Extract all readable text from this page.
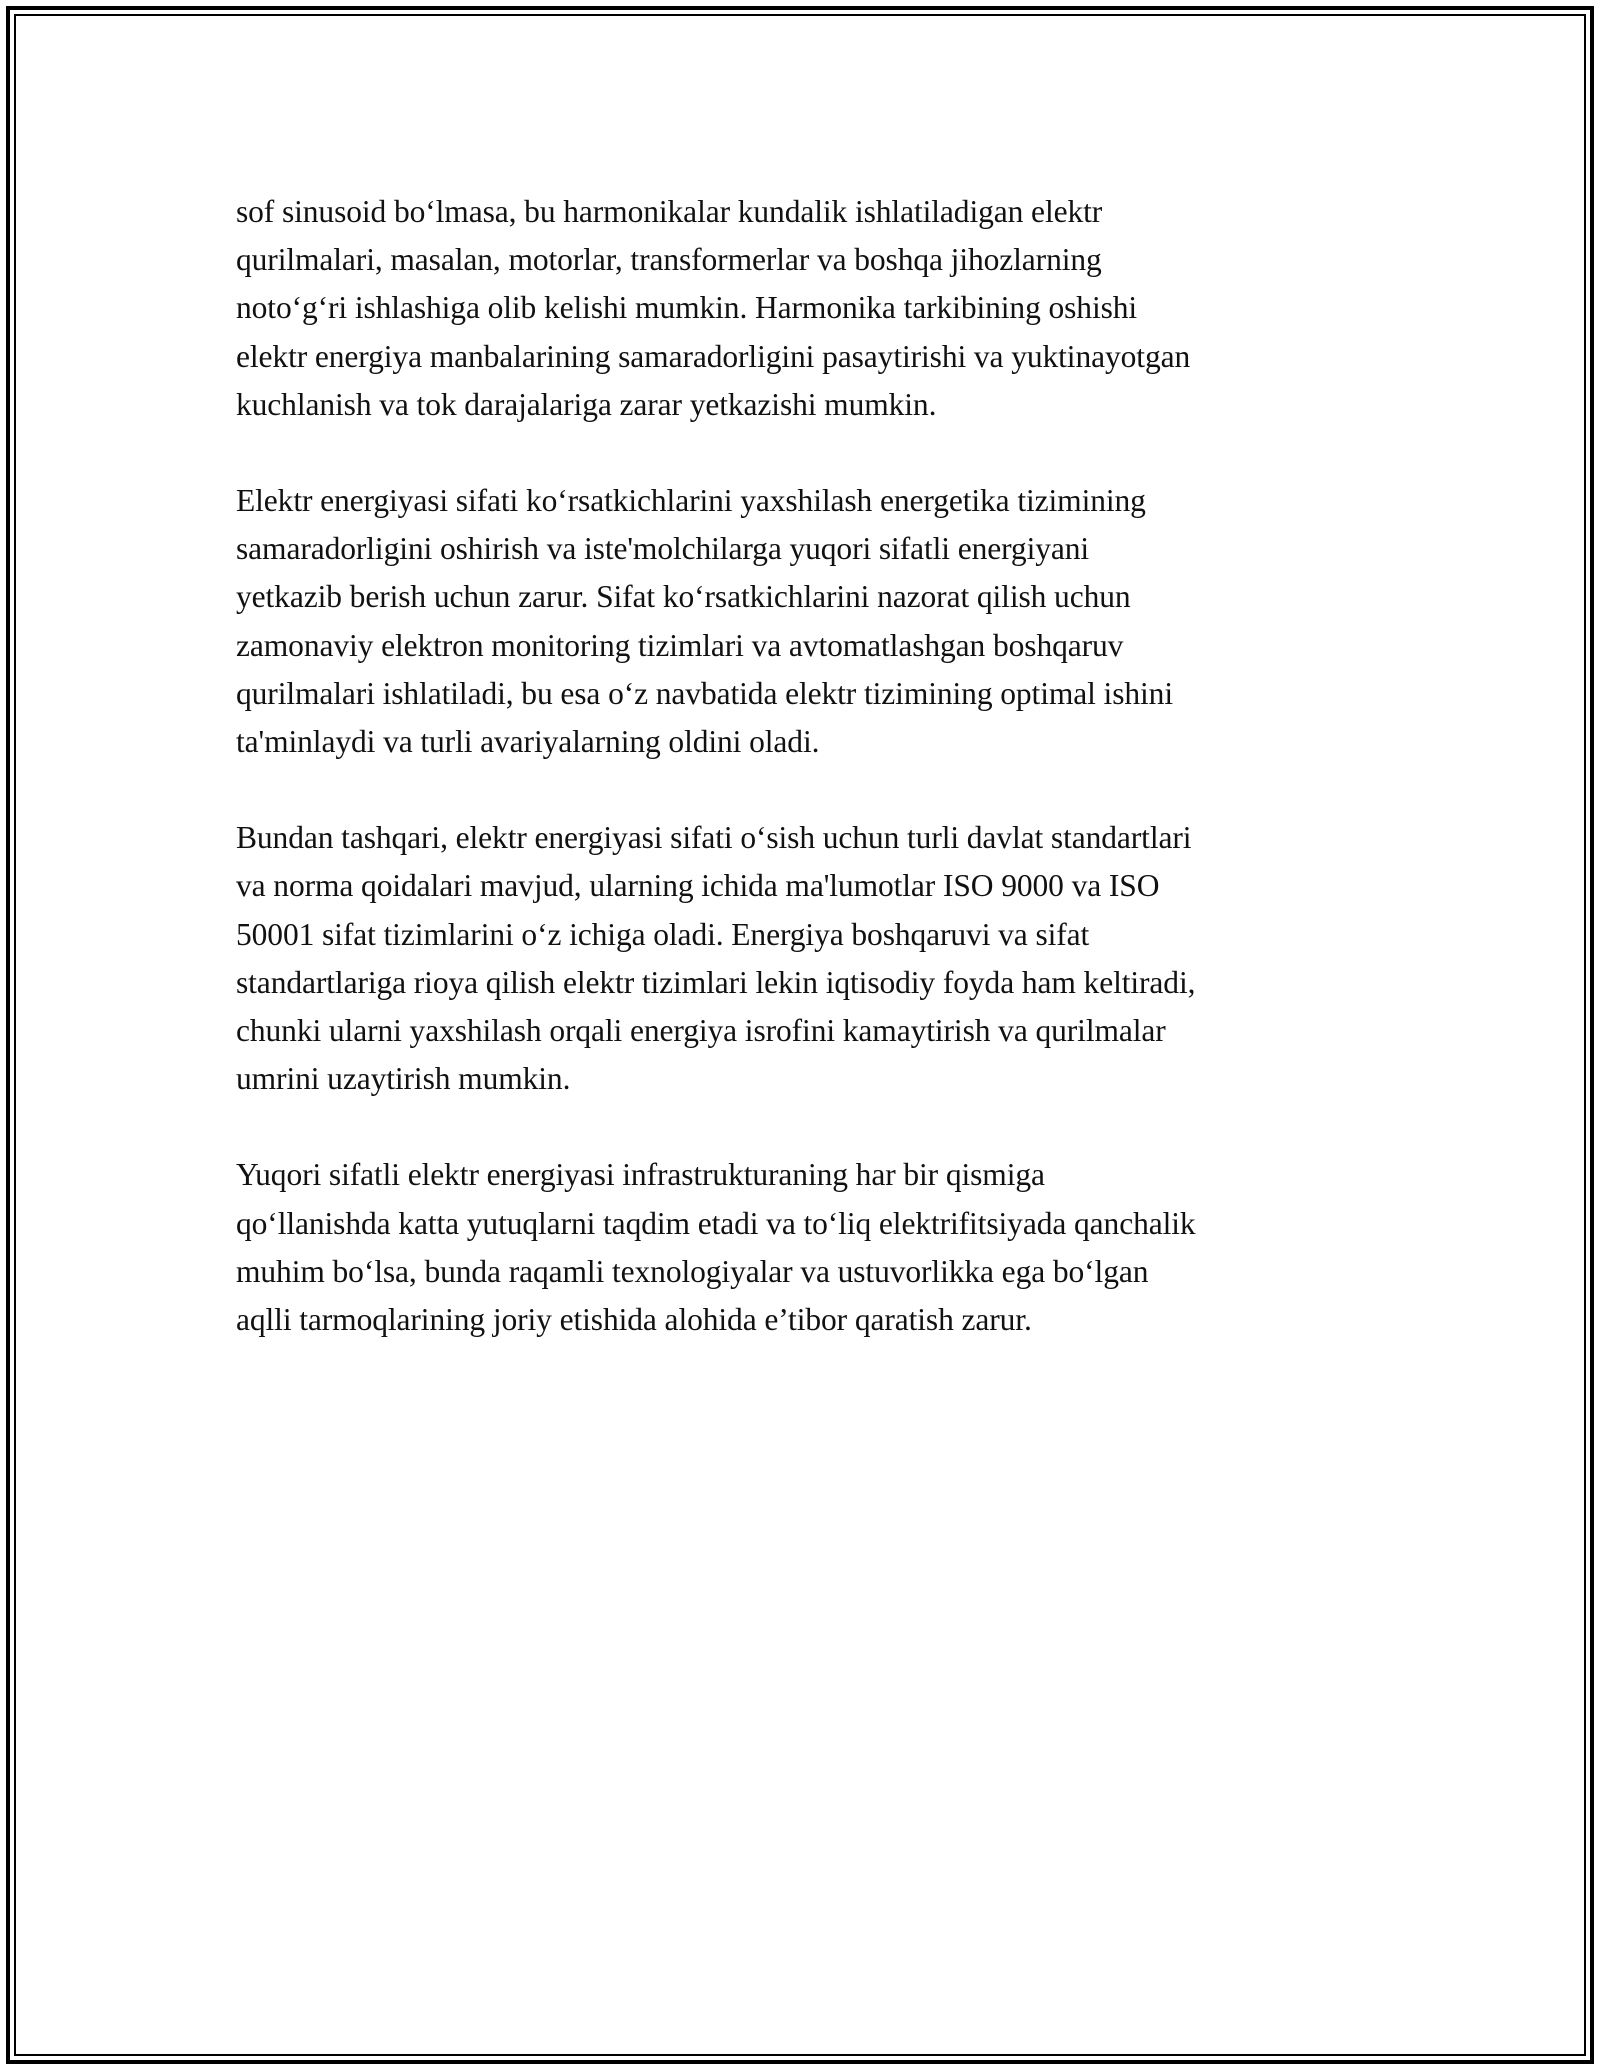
sof sinusoid bo‘lmasa, bu harmonikalar kundalik ishlatiladigan elektr
qurilmalari, masalan, motorlar, transformerlar va boshqa jihozlarning
noto‘g‘ri ishlashiga olib kelishi mumkin. Harmonika tarkibining oshishi
elektr energiya manbalarining samaradorligini pasaytirishi va yuktinayotgan
kuchlanish va tok darajalariga zarar yetkazishi mumkin.

Elektr energiyasi sifati ko‘rsatkichlarini yaxshilash energetika tizimining
samaradorligini oshirish va iste'molchilarga yuqori sifatli energiyani
yetkazib berish uchun zarur. Sifat ko‘rsatkichlarini nazorat qilish uchun
zamonaviy elektron monitoring tizimlari va avtomatlashgan boshqaruv
qurilmalari ishlatiladi, bu esa o‘z navbatida elektr tizimining optimal ishini
ta'minlaydi va turli avariyalarning oldini oladi.

Bundan tashqari, elektr energiyasi sifati o‘sish uchun turli davlat standartlari
va norma qoidalari mavjud, ularning ichida ma'lumotlar ISO 9000 va ISO
50001 sifat tizimlarini o‘z ichiga oladi. Energiya boshqaruvi va sifat
standartlariga rioya qilish elektr tizimlari lekin iqtisodiy foyda ham keltiradi,
chunki ularni yaxshilash orqali energiya isrofini kamaytirish va qurilmalar
umrini uzaytirish mumkin.

Yuqori sifatli elektr energiyasi infrastrukturaning har bir qismiga
qo‘llanishda katta yutuqlarni taqdim etadi va to‘liq elektrifitsiyada qanchalik
muhim bo‘lsa, bunda raqamli texnologiyalar va ustuvorlikka ega bo‘lgan
aqlli tarmoqlarining joriy etishida alohida e’tibor qaratish zarur.
